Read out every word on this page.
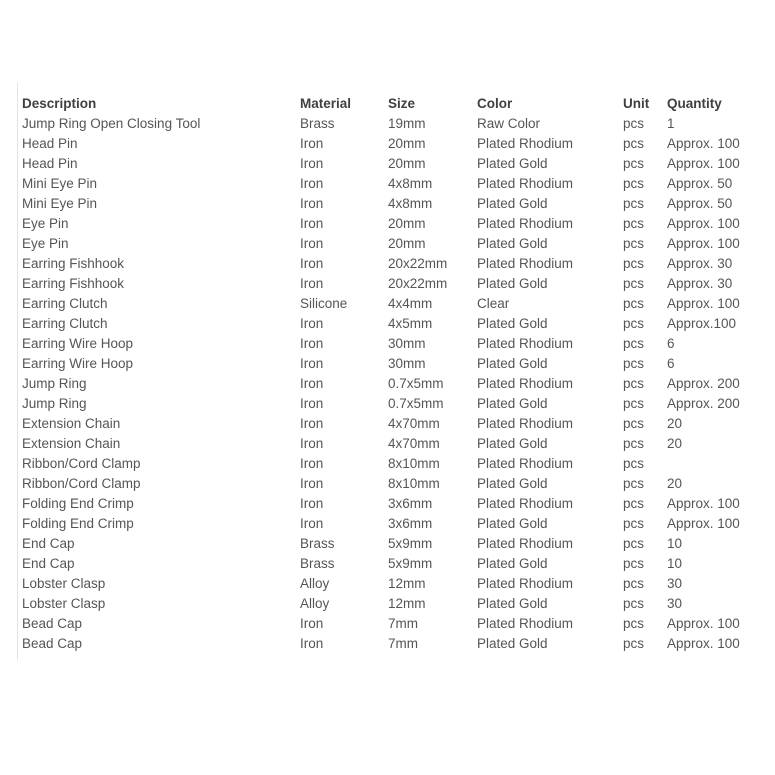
Description	Material	Size	Color	Unit	Quantity
Jump Ring Open Closing Tool	Brass	19mm	Raw Color	pcs	1
Head Pin	Iron	20mm	Plated Rhodium	pcs	Approx. 100
Head Pin	Iron	20mm	Plated Gold	pcs	Approx. 100
Mini Eye Pin	Iron	4x8mm	Plated Rhodium	pcs	Approx. 50
Mini Eye Pin	Iron	4x8mm	Plated Gold	pcs	Approx. 50
Eye Pin	Iron	20mm	Plated Rhodium	pcs	Approx. 100
Eye Pin	Iron	20mm	Plated Gold	pcs	Approx. 100
Earring Fishhook	Iron	20x22mm	Plated Rhodium	pcs	Approx. 30
Earring Fishhook	Iron	20x22mm	Plated Gold	pcs	Approx. 30
Earring Clutch	Silicone	4x4mm	Clear	pcs	Approx. 100
Earring Clutch	Iron	4x5mm	Plated Gold	pcs	Approx.100
Earring Wire Hoop	Iron	30mm	Plated Rhodium	pcs	6
Earring Wire Hoop	Iron	30mm	Plated Gold	pcs	6
Jump Ring	Iron	0.7x5mm	Plated Rhodium	pcs	Approx. 200
Jump Ring	Iron	0.7x5mm	Plated Gold	pcs	Approx. 200
Extension Chain	Iron	4x70mm	Plated Rhodium	pcs	20
Extension Chain	Iron	4x70mm	Plated Gold	pcs	20
Ribbon/Cord Clamp	Iron	8x10mm	Plated Rhodium	pcs	
Ribbon/Cord Clamp	Iron	8x10mm	Plated Gold	pcs	20
Folding End Crimp	Iron	3x6mm	Plated Rhodium	pcs	Approx. 100
Folding End Crimp	Iron	3x6mm	Plated Gold	pcs	Approx. 100
End Cap	Brass	5x9mm	Plated Rhodium	pcs	10
End Cap	Brass	5x9mm	Plated Gold	pcs	10
Lobster Clasp	Alloy	12mm	Plated Rhodium	pcs	30
Lobster Clasp	Alloy	12mm	Plated Gold	pcs	30
Bead Cap	Iron	7mm	Plated Rhodium	pcs	Approx. 100
Bead Cap	Iron	7mm	Plated Gold	pcs	Approx. 100
